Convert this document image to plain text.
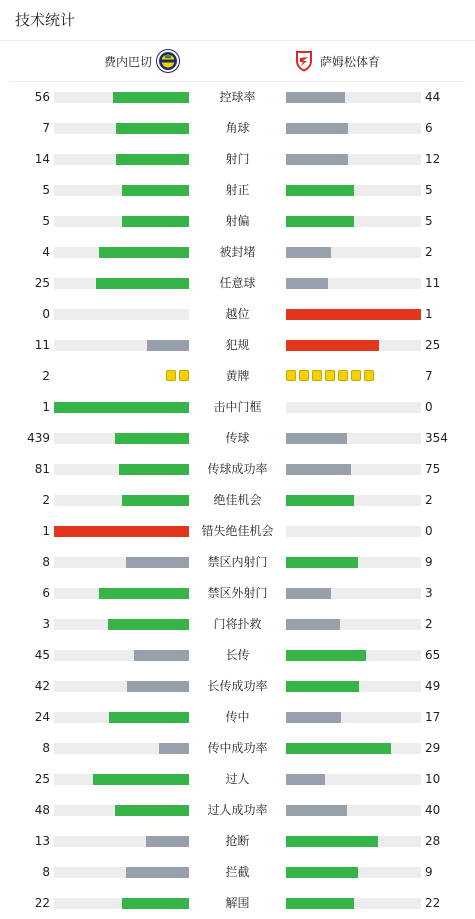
技术统计
费内巴切	萨姆松体育
56	控球率	44
7	角球	6
14	射门	12
5	射正	5
5	射偏	5
4	被封堵	2
25	任意球	11
0	越位	1
11	犯规	25
2	黄牌	7
1	击中门框	0
439	传球	354
81	传球成功率	75
2	绝佳机会	2
1	错失绝佳机会	0
8	禁区内射门	9
6	禁区外射门	3
3	门将扑救	2
45	长传	65
42	长传成功率	49
24	传中	17
8	传中成功率	29
25	过人	10
48	过人成功率	40
13	抢断	28
8	拦截	9
22	解围	22
